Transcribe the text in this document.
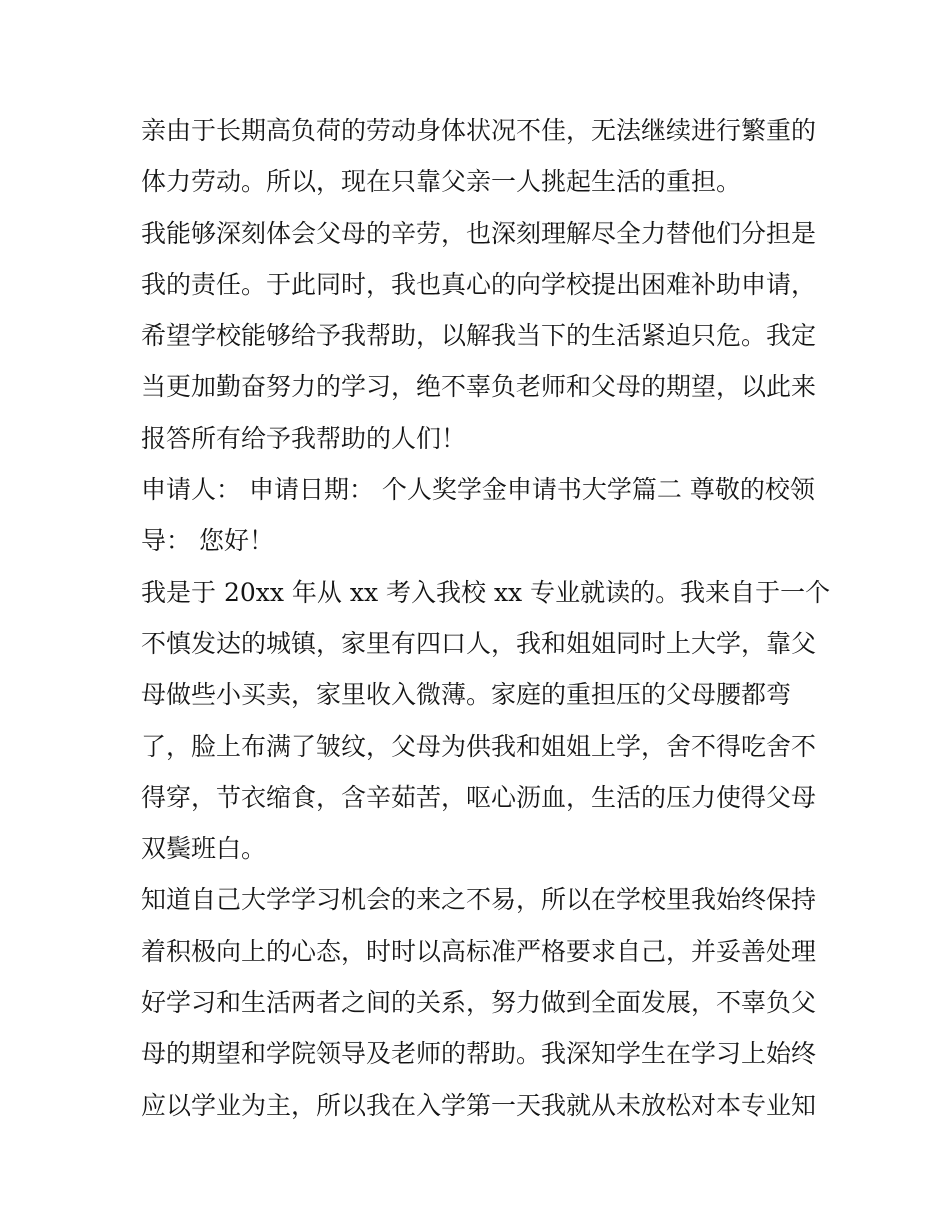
亲由于长期高负荷的劳动身体状况不佳，无法继续进行繁重的
体力劳动。所以，现在只靠父亲一人挑起生活的重担。
我能够深刻体会父母的辛劳，也深刻理解尽全力替他们分担是
我的责任。于此同时，我也真心的向学校提出困难补助申请，
希望学校能够给予我帮助，以解我当下的生活紧迫只危。我定
当更加勤奋努力的学习，绝不辜负老师和父母的期望，以此来
报答所有给予我帮助的人们！
申请人： 申请日期： 个人奖学金申请书大学篇二 尊敬的校领
导： 您好！
我是于 20xx 年从 xx 考入我校 xx 专业就读的。我来自于一个
不慎发达的城镇，家里有四口人，我和姐姐同时上大学，靠父
母做些小买卖，家里收入微薄。家庭的重担压的父母腰都弯
了，脸上布满了皱纹，父母为供我和姐姐上学，舍不得吃舍不
得穿，节衣缩食，含辛茹苦，呕心沥血，生活的压力使得父母
双鬓班白。
知道自己大学学习机会的来之不易，所以在学校里我始终保持
着积极向上的心态，时时以高标准严格要求自己，并妥善处理
好学习和生活两者之间的关系，努力做到全面发展，不辜负父
母的期望和学院领导及老师的帮助。我深知学生在学习上始终
应以学业为主，所以我在入学第一天我就从未放松对本专业知
